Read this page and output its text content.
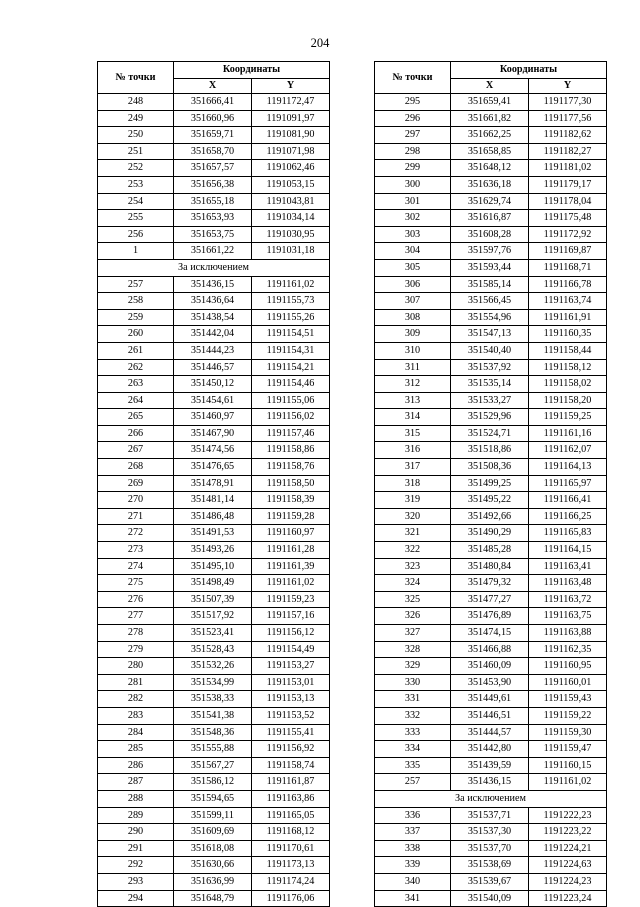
204
№ точки	Координаты	
	X	Y
248	351666,41	1191172,47
249	351660,96	1191091,97
250	351659,71	1191081,90
251	351658,70	1191071,98
252	351657,57	1191062,46
253	351656,38	1191053,15
254	351655,18	1191043,81
255	351653,93	1191034,14
256	351653,75	1191030,95
1	351661,22	1191031,18
За исключением		
257	351436,15	1191161,02
258	351436,64	1191155,73
259	351438,54	1191155,26
260	351442,04	1191154,51
261	351444,23	1191154,31
262	351446,57	1191154,21
263	351450,12	1191154,46
264	351454,61	1191155,06
265	351460,97	1191156,02
266	351467,90	1191157,46
267	351474,56	1191158,86
268	351476,65	1191158,76
269	351478,91	1191158,50
270	351481,14	1191158,39
271	351486,48	1191159,28
272	351491,53	1191160,97
273	351493,26	1191161,28
274	351495,10	1191161,39
275	351498,49	1191161,02
276	351507,39	1191159,23
277	351517,92	1191157,16
278	351523,41	1191156,12
279	351528,43	1191154,49
280	351532,26	1191153,27
281	351534,99	1191153,01
282	351538,33	1191153,13
283	351541,38	1191153,52
284	351548,36	1191155,41
285	351555,88	1191156,92
286	351567,27	1191158,74
287	351586,12	1191161,87
288	351594,65	1191163,86
289	351599,11	1191165,05
290	351609,69	1191168,12
291	351618,08	1191170,61
292	351630,66	1191173,13
293	351636,99	1191174,24
294	351648,79	1191176,06
№ точки	Координаты	
	X	Y
295	351659,41	1191177,30
296	351661,82	1191177,56
297	351662,25	1191182,62
298	351658,85	1191182,27
299	351648,12	1191181,02
300	351636,18	1191179,17
301	351629,74	1191178,04
302	351616,87	1191175,48
303	351608,28	1191172,92
304	351597,76	1191169,87
305	351593,44	1191168,71
306	351585,14	1191166,78
307	351566,45	1191163,74
308	351554,96	1191161,91
309	351547,13	1191160,35
310	351540,40	1191158,44
311	351537,92	1191158,12
312	351535,14	1191158,02
313	351533,27	1191158,20
314	351529,96	1191159,25
315	351524,71	1191161,16
316	351518,86	1191162,07
317	351508,36	1191164,13
318	351499,25	1191165,97
319	351495,22	1191166,41
320	351492,66	1191166,25
321	351490,29	1191165,83
322	351485,28	1191164,15
323	351480,84	1191163,41
324	351479,32	1191163,48
325	351477,27	1191163,72
326	351476,89	1191163,75
327	351474,15	1191163,88
328	351466,88	1191162,35
329	351460,09	1191160,95
330	351453,90	1191160,01
331	351449,61	1191159,43
332	351446,51	1191159,22
333	351444,57	1191159,30
334	351442,80	1191159,47
335	351439,59	1191160,15
257	351436,15	1191161,02
За исключением		
336	351537,71	1191222,23
337	351537,30	1191223,22
338	351537,70	1191224,21
339	351538,69	1191224,63
340	351539,67	1191224,23
341	351540,09	1191223,24
